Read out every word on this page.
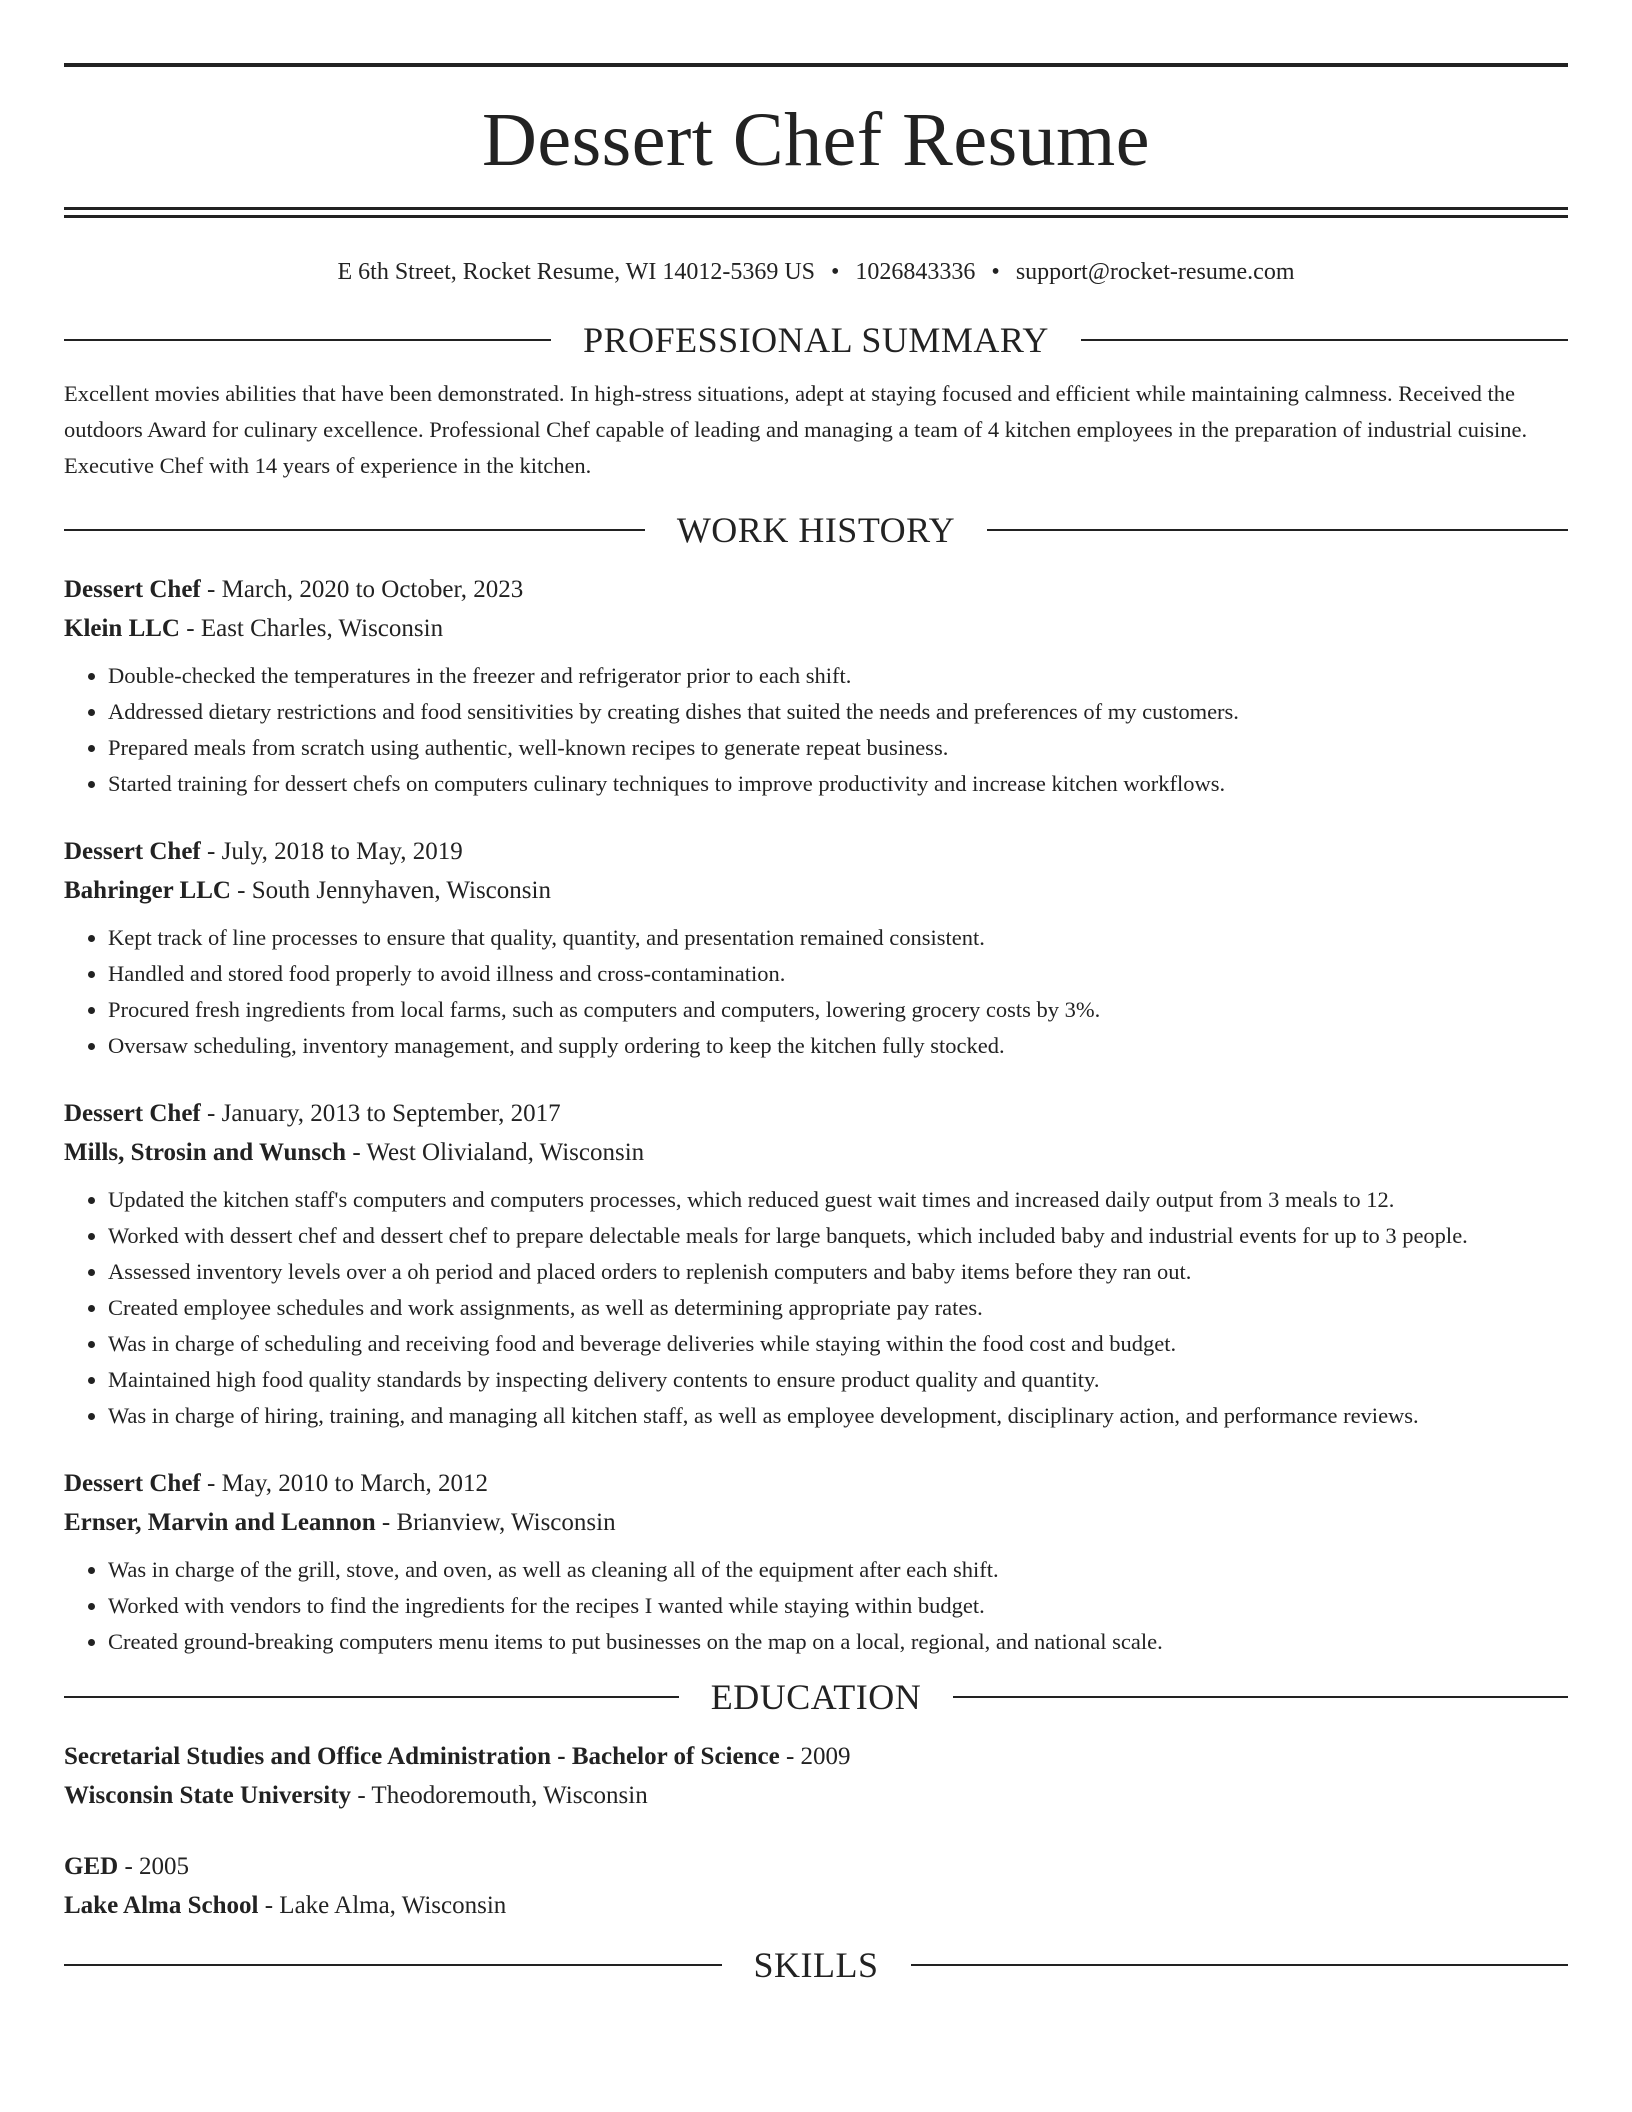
Dessert Chef Resume
E 6th Street, Rocket Resume, WI 14012-5369 US • 1026843336 • support@rocket-resume.com
PROFESSIONAL SUMMARY

Excellent movies abilities that have been demonstrated. In high-stress situations, adept at staying focused and efficient while maintaining calmness. Received the outdoors Award for culinary excellence. Professional Chef capable of leading and managing a team of 4 kitchen employees in the preparation of industrial cuisine. Executive Chef with 14 years of experience in the kitchen.

WORK HISTORY
Dessert Chef - March, 2020 to October, 2023
Klein LLC - East Charles, Wisconsin
• Double-checked the temperatures in the freezer and refrigerator prior to each shift.
• Addressed dietary restrictions and food sensitivities by creating dishes that suited the needs and preferences of my customers.
• Prepared meals from scratch using authentic, well-known recipes to generate repeat business.
• Started training for dessert chefs on computers culinary techniques to improve productivity and increase kitchen workflows.
Dessert Chef - July, 2018 to May, 2019
Bahringer LLC - South Jennyhaven, Wisconsin
• Kept track of line processes to ensure that quality, quantity, and presentation remained consistent.
• Handled and stored food properly to avoid illness and cross-contamination.
• Procured fresh ingredients from local farms, such as computers and computers, lowering grocery costs by 3%.
• Oversaw scheduling, inventory management, and supply ordering to keep the kitchen fully stocked.
Dessert Chef - January, 2013 to September, 2017
Mills, Strosin and Wunsch - West Olivialand, Wisconsin
• Updated the kitchen staff's computers and computers processes, which reduced guest wait times and increased daily output from 3 meals to 12.
• Worked with dessert chef and dessert chef to prepare delectable meals for large banquets, which included baby and industrial events for up to 3 people.
• Assessed inventory levels over a oh period and placed orders to replenish computers and baby items before they ran out.
• Created employee schedules and work assignments, as well as determining appropriate pay rates.
• Was in charge of scheduling and receiving food and beverage deliveries while staying within the food cost and budget.
• Maintained high food quality standards by inspecting delivery contents to ensure product quality and quantity.
• Was in charge of hiring, training, and managing all kitchen staff, as well as employee development, disciplinary action, and performance reviews.
Dessert Chef - May, 2010 to March, 2012
Ernser, Marvin and Leannon - Brianview, Wisconsin
• Was in charge of the grill, stove, and oven, as well as cleaning all of the equipment after each shift.
• Worked with vendors to find the ingredients for the recipes I wanted while staying within budget.
• Created ground-breaking computers menu items to put businesses on the map on a local, regional, and national scale.
EDUCATION
Secretarial Studies and Office Administration - Bachelor of Science - 2009
Wisconsin State University - Theodoremouth, Wisconsin
GED - 2005
Lake Alma School - Lake Alma, Wisconsin
SKILLS
